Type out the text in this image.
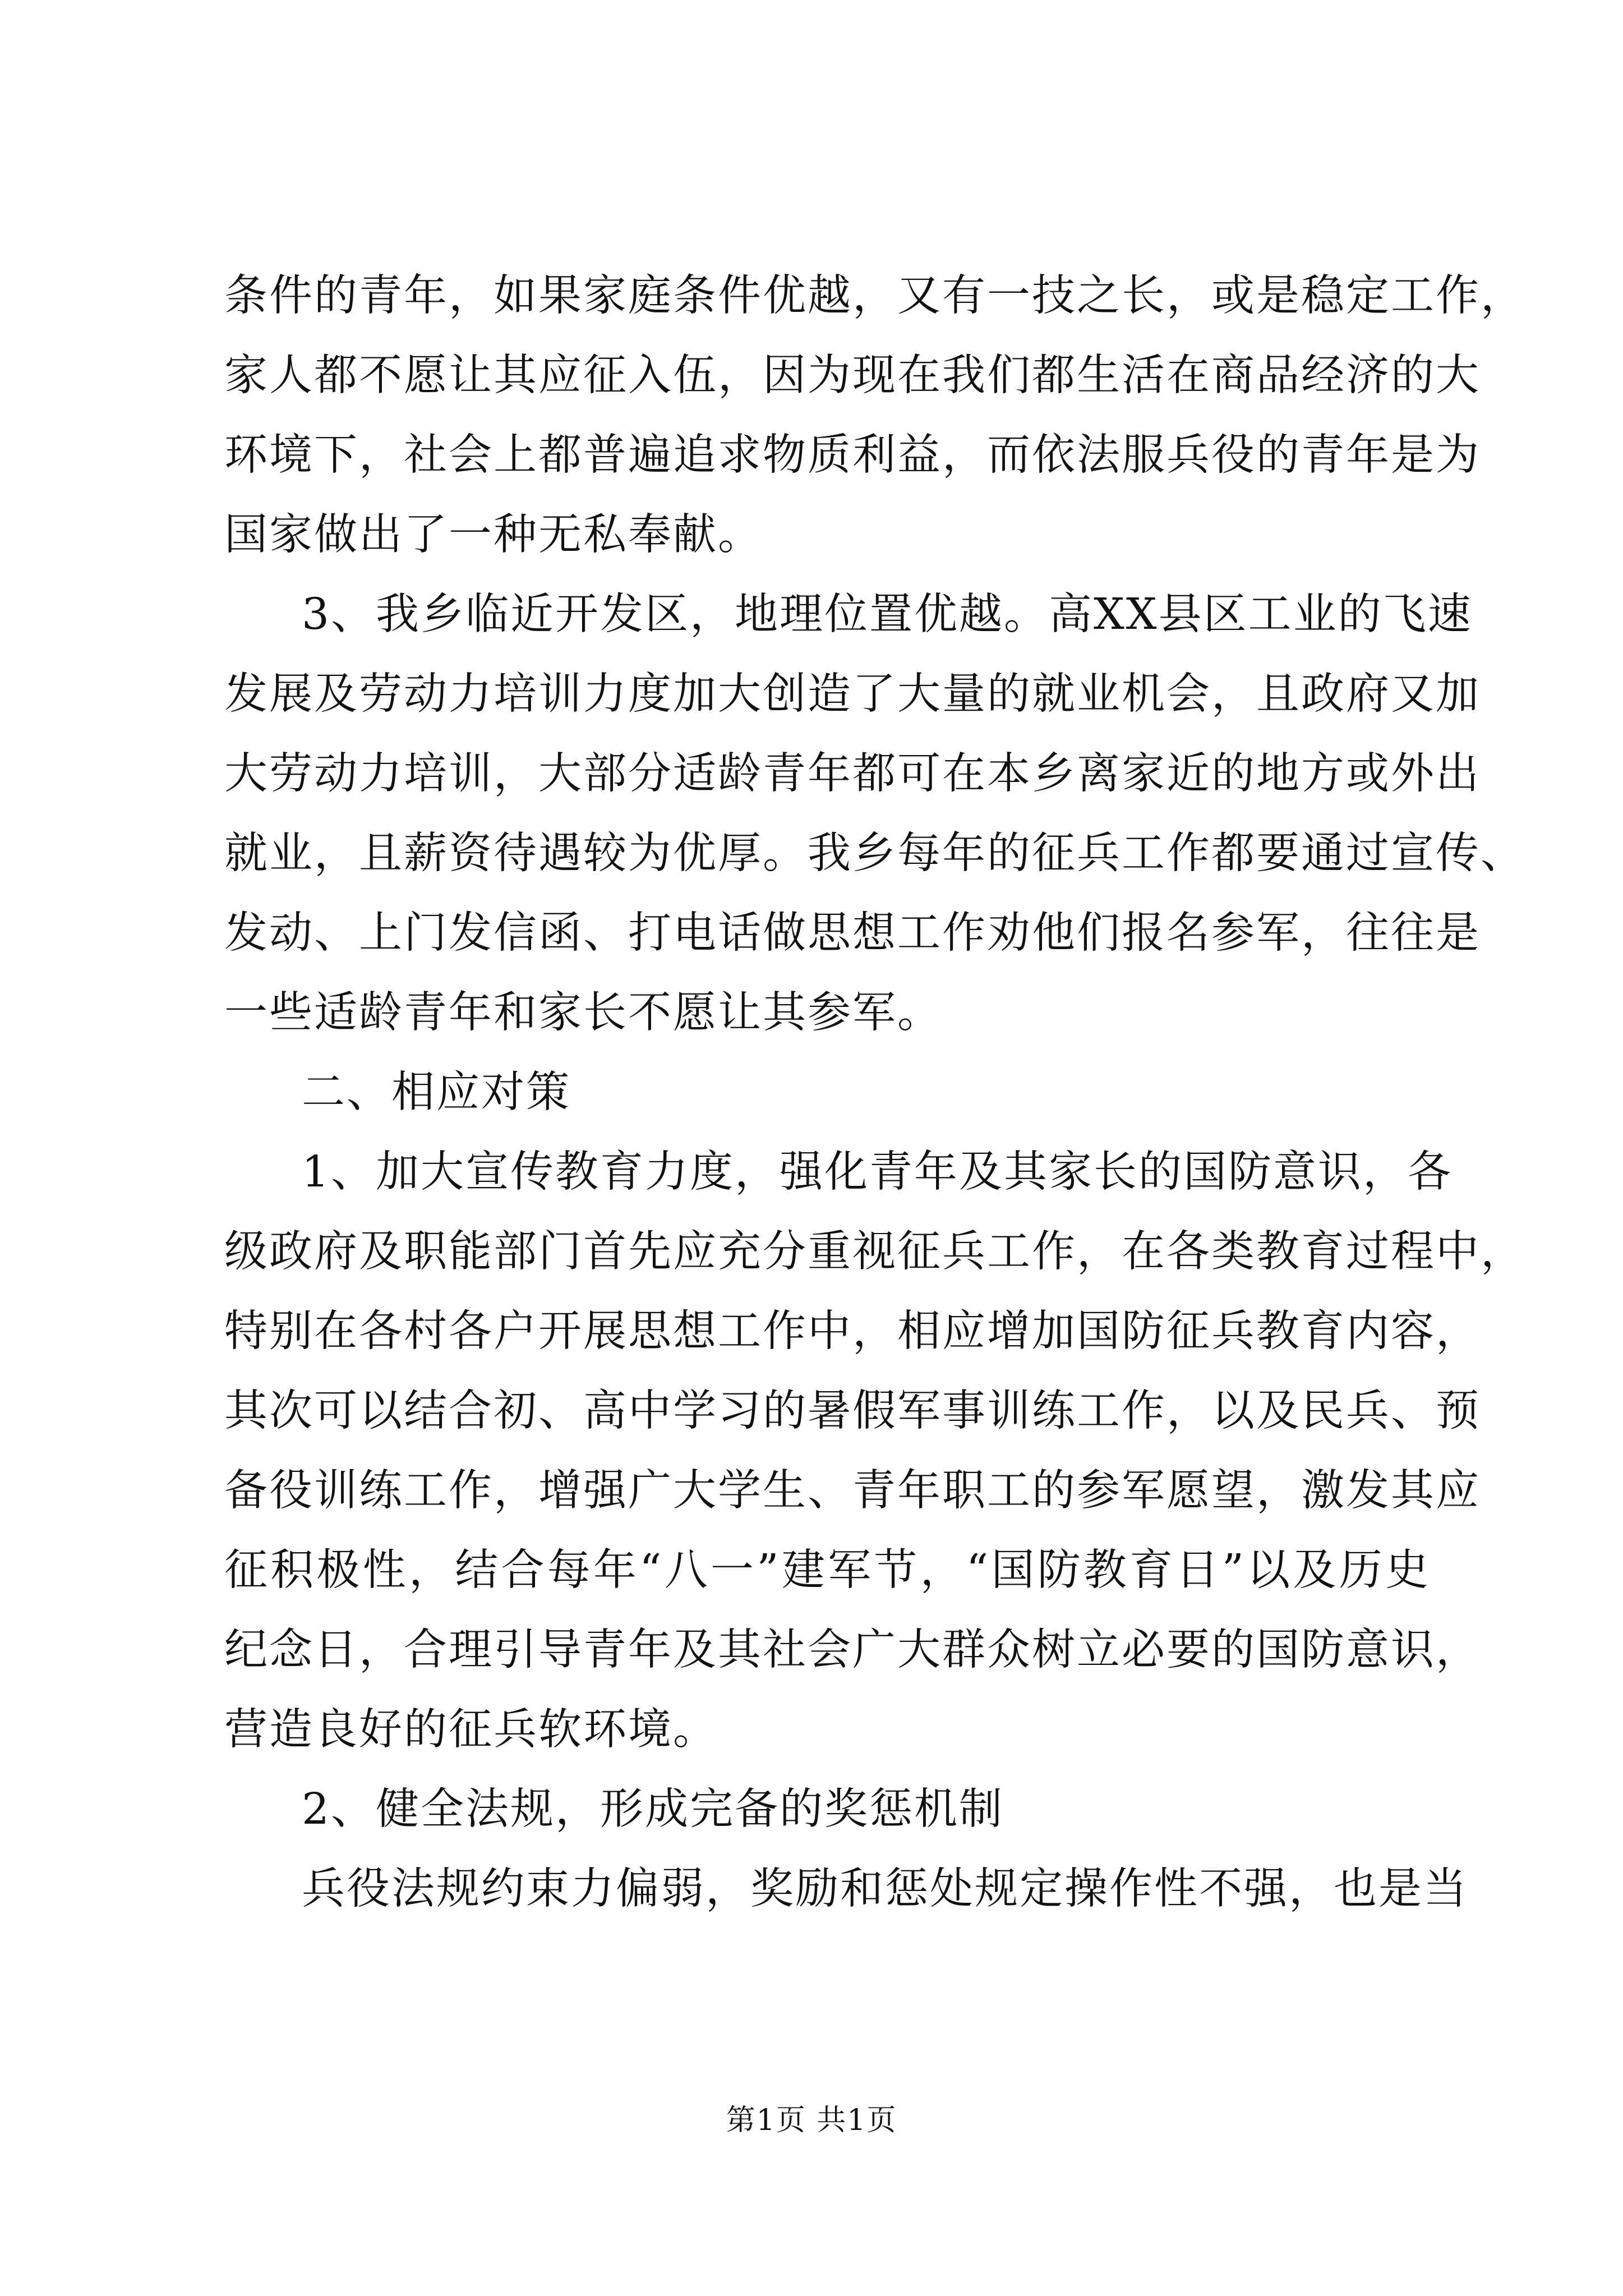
条件的青年，如果家庭条件优越，又有一技之长，或是稳定工作，
家人都不愿让其应征入伍，因为现在我们都生活在商品经济的大
环境下，社会上都普遍追求物质利益，而依法服兵役的青年是为
国家做出了一种无私奉献。
3、我乡临近开发区，地理位置优越。高XX县区工业的飞速
发展及劳动力培训力度加大创造了大量的就业机会，且政府又加
大劳动力培训，大部分适龄青年都可在本乡离家近的地方或外出
就业，且薪资待遇较为优厚。我乡每年的征兵工作都要通过宣传、
发动、上门发信函、打电话做思想工作劝他们报名参军，往往是
一些适龄青年和家长不愿让其参军。
二、相应对策
1、加大宣传教育力度，强化青年及其家长的国防意识，各
级政府及职能部门首先应充分重视征兵工作，在各类教育过程中，
特别在各村各户开展思想工作中，相应增加国防征兵教育内容，
其次可以结合初、高中学习的暑假军事训练工作，以及民兵、预
备役训练工作，增强广大学生、青年职工的参军愿望，激发其应
征积极性，结合每年“八一”建军节，“国防教育日”以及历史
纪念日，合理引导青年及其社会广大群众树立必要的国防意识，
营造良好的征兵软环境。
2、健全法规，形成完备的奖惩机制
兵役法规约束力偏弱，奖励和惩处规定操作性不强，也是当
第1页 共1页
